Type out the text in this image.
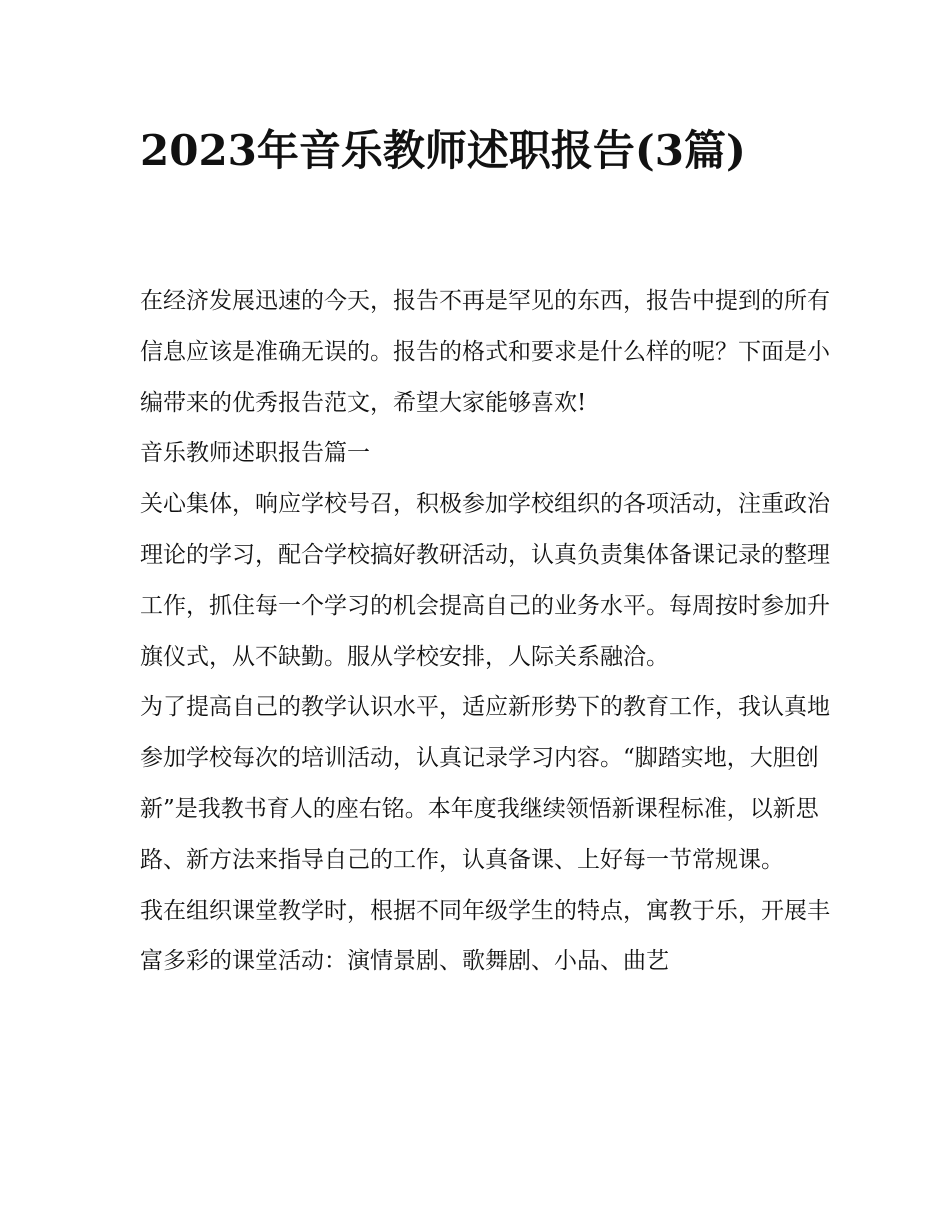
2023年音乐教师述职报告(3篇)

在经济发展迅速的今天，报告不再是罕见的东西，报告中提到的所有信息应该是准确无误的。报告的格式和要求是什么样的呢？下面是小编带来的优秀报告范文，希望大家能够喜欢!

音乐教师述职报告篇一

关心集体，响应学校号召，积极参加学校组织的各项活动，注重政治理论的学习，配合学校搞好教研活动，认真负责集体备课记录的整理工作，抓住每一个学习的机会提高自己的业务水平。每周按时参加升旗仪式，从不缺勤。服从学校安排，人际关系融洽。

为了提高自己的教学认识水平，适应新形势下的教育工作，我认真地参加学校每次的培训活动，认真记录学习内容。“脚踏实地，大胆创新”是我教书育人的座右铭。本年度我继续领悟新课程标准，以新思路、新方法来指导自己的工作，认真备课、上好每一节常规课。

我在组织课堂教学时，根据不同年级学生的特点，寓教于乐，开展丰富多彩的课堂活动：演情景剧、歌舞剧、小品、曲艺
